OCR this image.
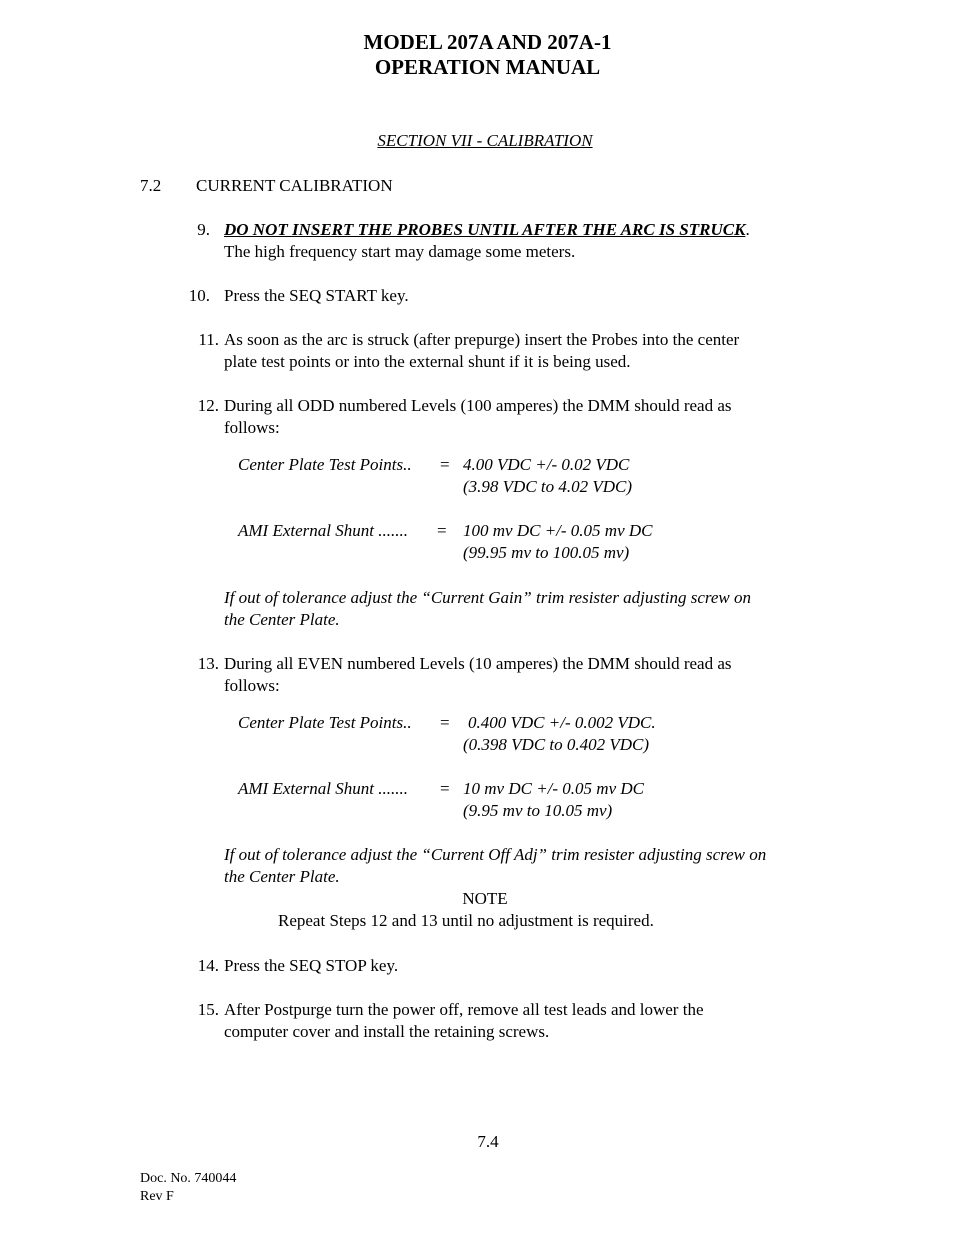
MODEL 207A AND 207A-1
OPERATION MANUAL
SECTION VII - CALIBRATION
7.2 CURRENT CALIBRATION
9. DO NOT INSERT THE PROBES UNTIL AFTER THE ARC IS STRUCK.
The high frequency start may damage some meters.
10. Press the SEQ START key.
11. As soon as the arc is struck (after prepurge) insert the Probes into the center
plate test points or into the external shunt if it is being used.
12. During all ODD numbered Levels (100 amperes) the DMM should read as
follows:
Center Plate Test Points.. = 4.00 VDC +/- 0.02 VDC
(3.98 VDC to 4.02 VDC)
AMI External Shunt ....... = 100 mv DC +/- 0.05 mv DC
(99.95 mv to 100.05 mv)
If out of tolerance adjust the “Current Gain” trim resister adjusting screw on
the Center Plate.
13. During all EVEN numbered Levels (10 amperes) the DMM should read as
follows:
Center Plate Test Points.. = 0.400 VDC +/- 0.002 VDC.
(0.398 VDC to 0.402 VDC)
AMI External Shunt ....... = 10 mv DC +/- 0.05 mv DC
(9.95 mv to 10.05 mv)
If out of tolerance adjust the “Current Off Adj” trim resister adjusting screw on
the Center Plate.
NOTE
Repeat Steps 12 and 13 until no adjustment is required.
14. Press the SEQ STOP key.
15. After Postpurge turn the power off, remove all test leads and lower the
computer cover and install the retaining screws.
7.4
Doc. No. 740044
Rev F
